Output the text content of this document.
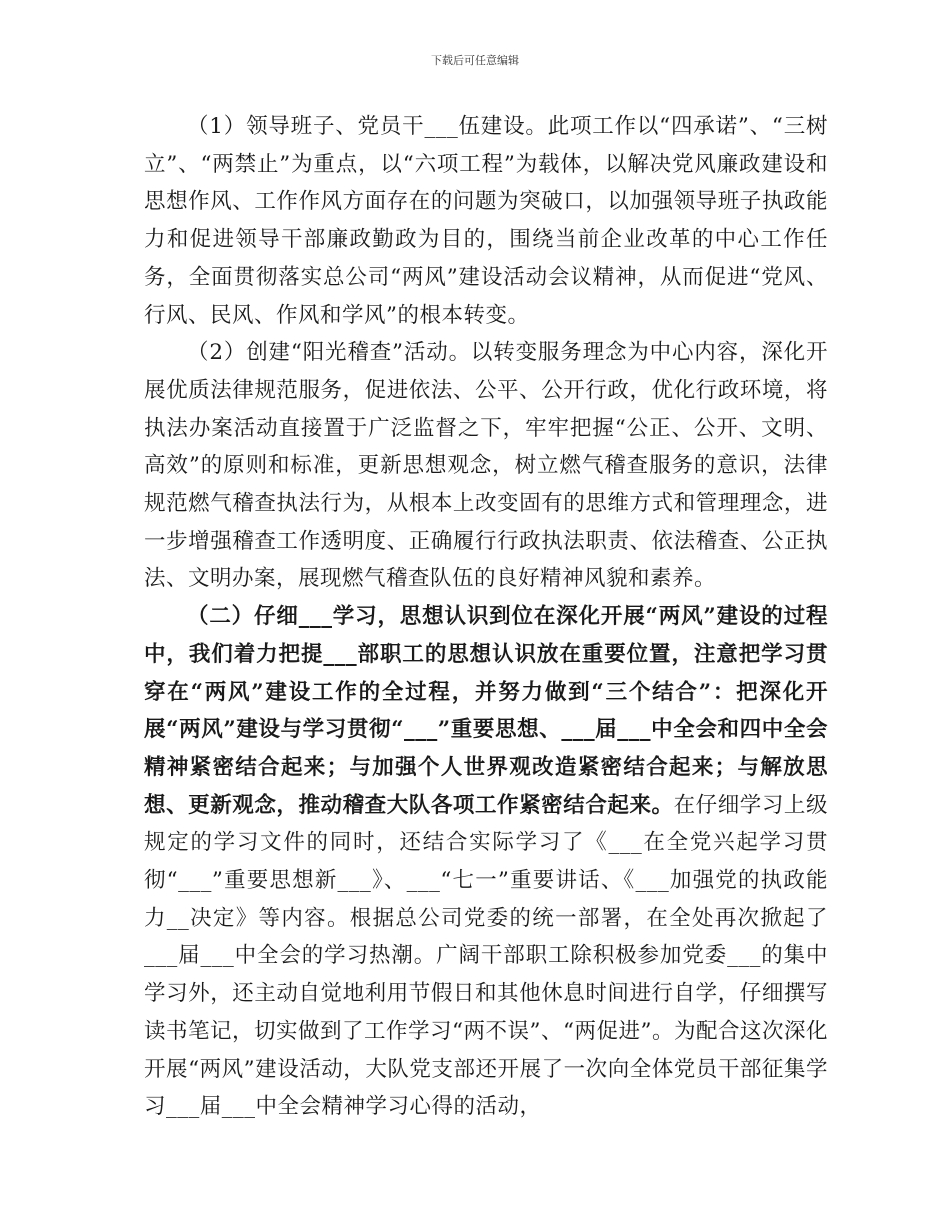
下载后可任意编辑

（1）领导班子、党员干___伍建设。此项工作以“四承诺”、“三树立”、“两禁止”为重点，以“六项工程”为载体，以解决党风廉政建设和思想作风、工作作风方面存在的问题为突破口，以加强领导班子执政能力和促进领导干部廉政勤政为目的，围绕当前企业改革的中心工作任务，全面贯彻落实总公司“两风”建设活动会议精神，从而促进“党风、行风、民风、作风和学风”的根本转变。

（2）创建“阳光稽查”活动。以转变服务理念为中心内容，深化开展优质法律规范服务，促进依法、公平、公开行政，优化行政环境，将执法办案活动直接置于广泛监督之下，牢牢把握“公正、公开、文明、高效”的原则和标准，更新思想观念，树立燃气稽查服务的意识，法律规范燃气稽查执法行为，从根本上改变固有的思维方式和管理理念，进一步增强稽查工作透明度、正确履行行政执法职责、依法稽查、公正执法、文明办案，展现燃气稽查队伍的良好精神风貌和素养。

（二）仔细___学习，思想认识到位在深化开展“两风”建设的过程中，我们着力把提___部职工的思想认识放在重要位置，注意把学习贯穿在“两风”建设工作的全过程，并努力做到“三个结合”：把深化开展“两风”建设与学习贯彻“___”重要思想、___届___中全会和四中全会精神紧密结合起来；与加强个人世界观改造紧密结合起来；与解放思想、更新观念，推动稽查大队各项工作紧密结合起来。在仔细学习上级规定的学习文件的同时，还结合实际学习了《___在全党兴起学习贯彻“___”重要思想新___》、___“七一”重要讲话、《___加强党的执政能力__决定》等内容。根据总公司党委的统一部署，在全处再次掀起了___届___中全会的学习热潮。广阔干部职工除积极参加党委___的集中学习外，还主动自觉地利用节假日和其他休息时间进行自学，仔细撰写读书笔记，切实做到了工作学习“两不误”、“两促进”。为配合这次深化开展“两风”建设活动，大队党支部还开展了一次向全体党员干部征集学习___届___中全会精神学习心得的活动，
